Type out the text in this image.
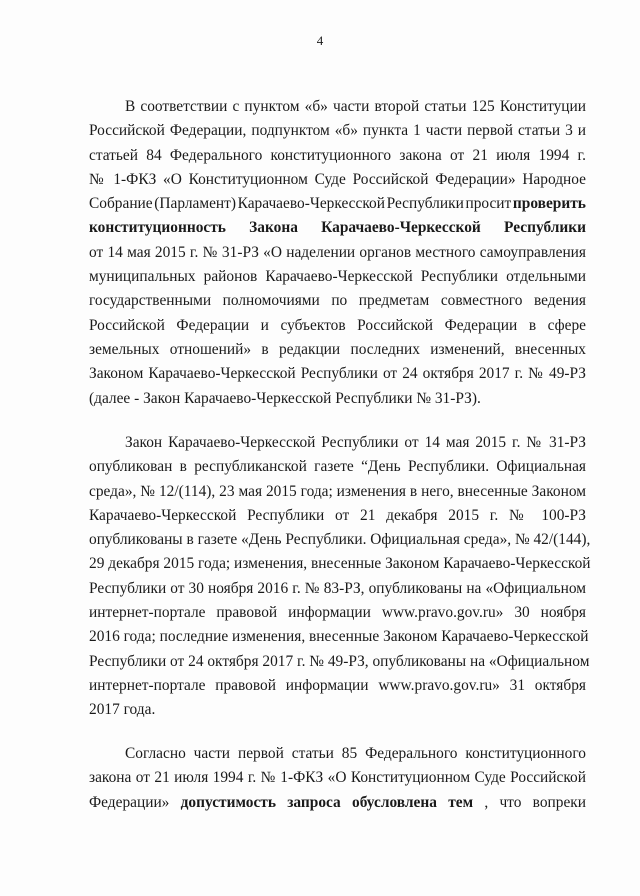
4
В соответствии с пунктом «б» части второй статьи 125 Конституции
Российской Федерации, подпунктом «б» пункта 1 части первой статьи 3 и
статьей 84 Федерального конституционного закона от 21 июля 1994 г.
№ 1-ФКЗ «О Конституционном Суде Российской Федерации» Народное
Собрание (Парламент) Карачаево-Черкесской Республики просит проверить
конституционность Закона Карачаево-Черкесской Республики
от 14 мая 2015 г. № 31-РЗ «О наделении органов местного самоуправления
муниципальных районов Карачаево-Черкесской Республики отдельными
государственными полномочиями по предметам совместного ведения
Российской Федерации и субъектов Российской Федерации в сфере
земельных отношений» в редакции последних изменений, внесенных
Законом Карачаево-Черкесской Республики от 24 октября 2017 г. № 49-РЗ
(далее - Закон Карачаево-Черкесской Республики № 31-РЗ).
Закон Карачаево-Черкесской Республики от 14 мая 2015 г. № 31-РЗ
опубликован в республиканской газете “День Республики. Официальная
среда», № 12/(114), 23 мая 2015 года; изменения в него, внесенные Законом
Карачаево-Черкесской Республики от 21 декабря 2015 г. № 100-РЗ
опубликованы в газете «День Республики. Официальная среда», № 42/(144),
29 декабря 2015 года; изменения, внесенные Законом Карачаево-Черкесской
Республики от 30 ноября 2016 г. № 83-РЗ, опубликованы на «Официальном
интернет-портале правовой информации www.pravo.gov.ru» 30 ноября
2016 года; последние изменения, внесенные Законом Карачаево-Черкесской
Республики от 24 октября 2017 г. № 49-РЗ, опубликованы на «Официальном
интернет-портале правовой информации www.pravo.gov.ru» 31 октября
2017 года.
Согласно части первой статьи 85 Федерального конституционного
закона от 21 июля 1994 г. № 1-ФКЗ «О Конституционном Суде Российской
Федерации» допустимость запроса обусловлена тем , что вопреки
